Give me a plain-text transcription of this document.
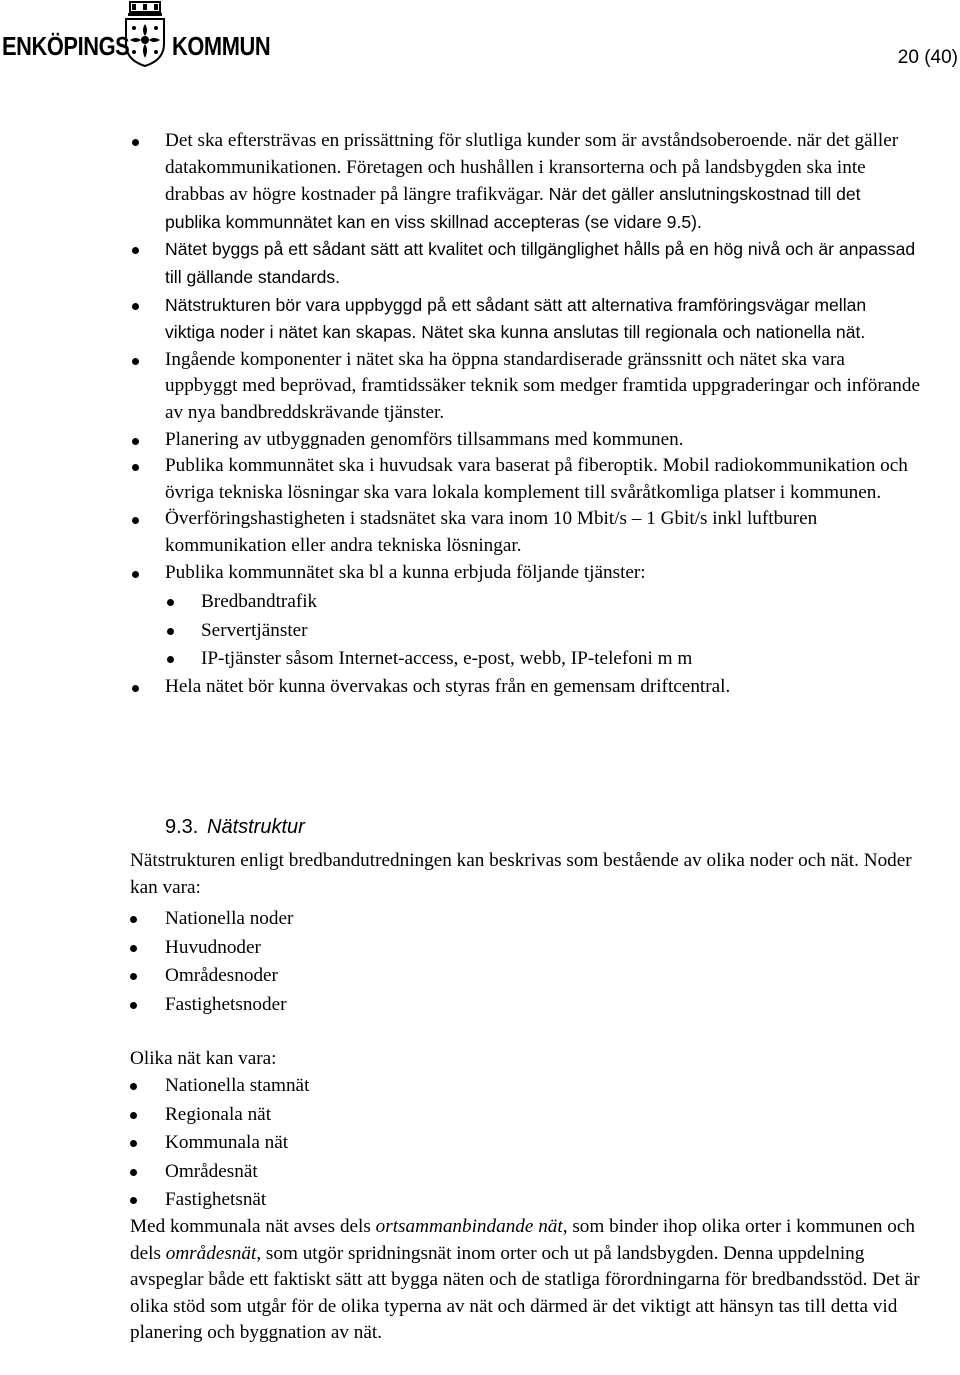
ENKÖPINGS KOMMUN	20 (40)
Det ska eftersträvas en prissättning för slutliga kunder som är avståndsoberoende. när det gäller datakommunikationen. Företagen och hushållen i kransorterna och på landsbygden ska inte drabbas av högre kostnader på längre trafikvägar. När det gäller anslutningskostnad till det publika kommunnätet kan en viss skillnad accepteras (se vidare 9.5).
Nätet byggs på ett sådant sätt att kvalitet och tillgänglighet hålls på en hög nivå och är anpassad till gällande standards.
Nätstrukturen bör vara uppbyggd på ett sådant sätt att alternativa framföringsvägar mellan viktiga noder i nätet kan skapas. Nätet ska kunna anslutas till regionala och nationella nät.
Ingående komponenter i nätet ska ha öppna standardiserade gränssnitt och nätet ska vara uppbyggt med beprövad, framtidssäker teknik som medger framtida uppgraderingar och införande av nya bandbreddskrävande tjänster.
Planering av utbyggnaden genomförs tillsammans med kommunen.
Publika kommunnätet ska i huvudsak vara baserat på fiberoptik. Mobil radiokommunikation och övriga tekniska lösningar ska vara lokala komplement till svåråtkomliga platser i kommunen.
Överföringshastigheten i stadsnätet ska vara inom 10 Mbit/s – 1 Gbit/s inkl luftburen kommunikation eller andra tekniska lösningar.
Publika kommunnätet ska bl a kunna erbjuda följande tjänster:
Bredbandtrafik
Servertjänster
IP-tjänster såsom Internet-access, e-post, webb, IP-telefoni m m
Hela nätet bör kunna övervakas och styras från en gemensam driftcentral.
9.3. Nätstruktur

Nätstrukturen enligt bredbandutredningen kan beskrivas som bestående av olika noder och nät. Noder kan vara:

Nationella noder
Huvudnoder
Områdesnoder
Fastighetsnoder

Olika nät kan vara:

Nationella stamnät
Regionala nät
Kommunala nät
Områdesnät
Fastighetsnät

Med kommunala nät avses dels ortsammanbindande nät, som binder ihop olika orter i kommunen och dels områdesnät, som utgör spridningsnät inom orter och ut på landsbygden. Denna uppdelning avspeglar både ett faktiskt sätt att bygga näten och de statliga förordningarna för bredbandsstöd. Det är olika stöd som utgår för de olika typerna av nät och därmed är det viktigt att hänsyn tas till detta vid planering och byggnation av nät.
